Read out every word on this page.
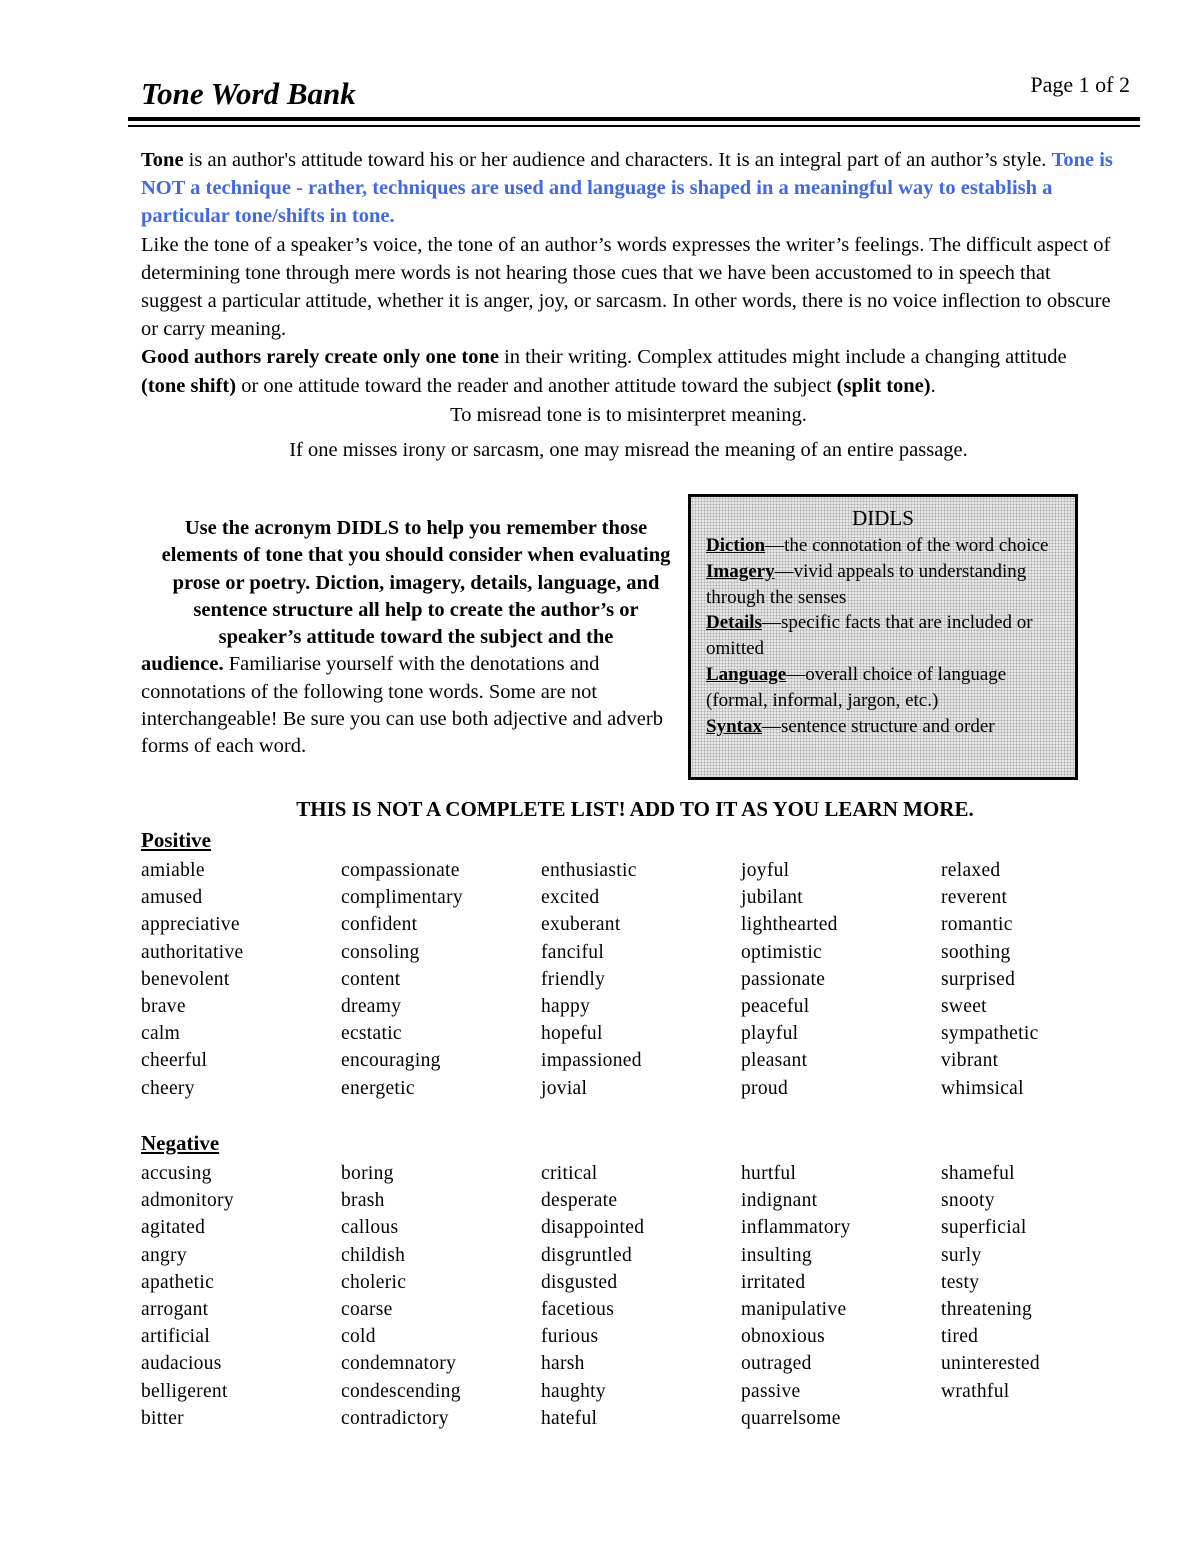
Tone Word Bank	Page 1 of 2

Tone is an author's attitude toward his or her audience and characters. It is an integral part of an author’s style. Tone is NOT a technique - rather, techniques are used and language is shaped in a meaningful way to establish a particular tone/shifts in tone.

Like the tone of a speaker’s voice, the tone of an author’s words expresses the writer’s feelings. The difficult aspect of determining tone through mere words is not hearing those cues that we have been accustomed to in speech that suggest a particular attitude, whether it is anger, joy, or sarcasm. In other words, there is no voice inflection to obscure or carry meaning.

Good authors rarely create only one tone in their writing. Complex attitudes might include a changing attitude (tone shift) or one attitude toward the reader and another attitude toward the subject (split tone).

To misread tone is to misinterpret meaning.

If one misses irony or sarcasm, one may misread the meaning of an entire passage.

Use the acronym DIDLS to help you remember those elements of tone that you should consider when evaluating prose or poetry. Diction, imagery, details, language, and sentence structure all help to create the author’s or speaker’s attitude toward the subject and the

audience. Familiarise yourself with the denotations and connotations of the following tone words. Some are not interchangeable! Be sure you can use both adjective and adverb forms of each word.

DIDLS

Diction—the connotation of the word choice

Imagery—vivid appeals to understanding through the senses

Details—specific facts that are included or omitted

Language—overall choice of language (formal, informal, jargon, etc.)

Syntax—sentence structure and order

THIS IS NOT A COMPLETE LIST! ADD TO IT AS YOU LEARN MORE.
Positive
amiable
amused
appreciative
authoritative
benevolent
brave
calm
cheerful
cheery
compassionate
complimentary
confident
consoling
content
dreamy
ecstatic
encouraging
energetic
enthusiastic
excited
exuberant
fanciful
friendly
happy
hopeful
impassioned
jovial
joyful
jubilant
lighthearted
optimistic
passionate
peaceful
playful
pleasant
proud
relaxed
reverent
romantic
soothing
surprised
sweet
sympathetic
vibrant
whimsical
Negative
accusing
admonitory
agitated
angry
apathetic
arrogant
artificial
audacious
belligerent
bitter
boring
brash
callous
childish
choleric
coarse
cold
condemnatory
condescending
contradictory
critical
desperate
disappointed
disgruntled
disgusted
facetious
furious
harsh
haughty
hateful
hurtful
indignant
inflammatory
insulting
irritated
manipulative
obnoxious
outraged
passive
quarrelsome
shameful
snooty
superficial
surly
testy
threatening
tired
uninterested
wrathful
